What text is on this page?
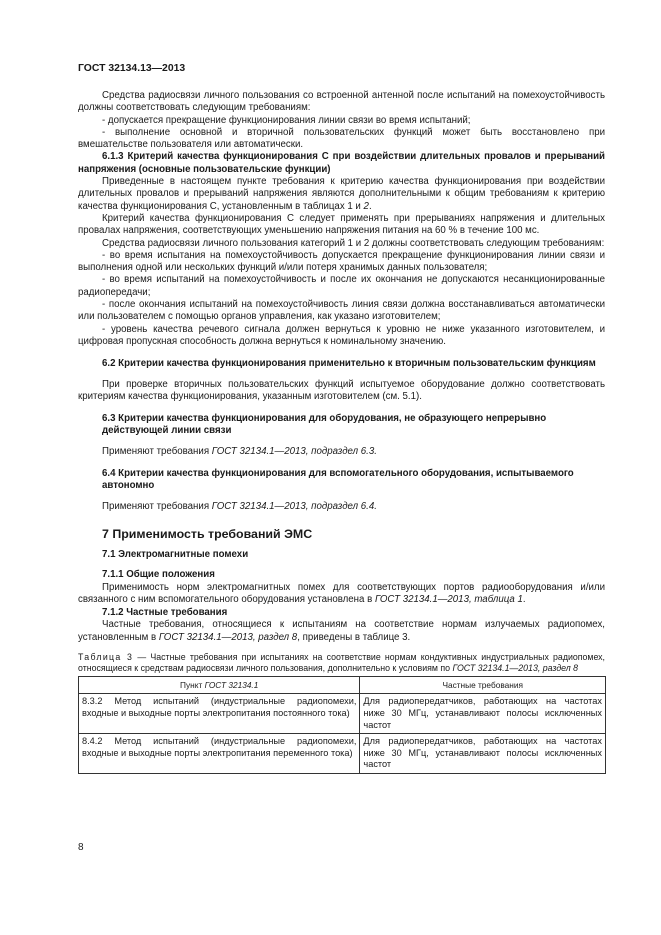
ГОСТ 32134.13—2013

Средства радиосвязи личного пользования со встроенной антенной после испытаний на помехоустойчивость должны соответствовать следующим требованиям:

- допускается прекращение функционирования линии связи во время испытаний;

- выполнение основной и вторичной пользовательских функций может быть восстановлено при вмешательстве пользователя или автоматически.

6.1.3 Критерий качества функционирования С при воздействии длительных провалов и прерываний напряжения (основные пользовательские функции)

Приведенные в настоящем пункте требования к критерию качества функционирования при воздействии длительных провалов и прерываний напряжения являются дополнительными к общим требованиям к критерию качества функционирования С, установленным в таблицах 1 и 2.

Критерий качества функционирования С следует применять при прерываниях напряжения и длительных провалах напряжения, соответствующих уменьшению напряжения питания на 60 % в течение 100 мс.

Средства радиосвязи личного пользования категорий 1 и 2 должны соответствовать следующим требованиям:

- во время испытания на помехоустойчивость допускается прекращение функционирования линии связи и выполнения одной или нескольких функций и/или потеря хранимых данных пользователя;

- во время испытаний на помехоустойчивость и после их окончания не допускаются несанкционированные радиопередачи;

- после окончания испытаний на помехоустойчивость линия связи должна восстанавливаться автоматически или пользователем с помощью органов управления, как указано изготовителем;

- уровень качества речевого сигнала должен вернуться к уровню не ниже указанного изготовителем, и цифровая пропускная способность должна вернуться к номинальному значению.

6.2 Критерии качества функционирования применительно к вторичным пользовательским функциям

При проверке вторичных пользовательских функций испытуемое оборудование должно соответствовать критериям качества функционирования, указанным изготовителем (см. 5.1).

6.3 Критерии качества функционирования для оборудования, не образующего непрерывно действующей линии связи

Применяют требования ГОСТ 32134.1—2013, подраздел 6.3.

6.4 Критерии качества функционирования для вспомогательного оборудования, испытываемого автономно

Применяют требования ГОСТ 32134.1—2013, подраздел 6.4.

7 Применимость требований ЭМС

7.1 Электромагнитные помехи

7.1.1 Общие положения

Применимость норм электромагнитных помех для соответствующих портов радиооборудования и/или связанного с ним вспомогательного оборудования установлена в ГОСТ 32134.1—2013, таблица 1.

7.1.2 Частные требования

Частные требования, относящиеся к испытаниям на соответствие нормам излучаемых радиопомех, установленным в ГОСТ 32134.1—2013, раздел 8, приведены в таблице 3.

Таблица 3 — Частные требования при испытаниях на соответствие нормам кондуктивных индустриальных радиопомех, относящиеся к средствам радиосвязи личного пользования, дополнительно к условиям по ГОСТ 32134.1—2013, раздел 8
Пункт ГОСТ 32134.1	Частные требования
8.3.2 Метод испытаний (индустриальные радиопомехи, входные и выходные порты электропитания постоянного тока)	Для радиопередатчиков, работающих на частотах ниже 30 МГц, устанавливают полосы исключенных частот
8.4.2 Метод испытаний (индустриальные радиопомехи, входные и выходные порты электропитания переменного тока)	Для радиопередатчиков, работающих на частотах ниже 30 МГц, устанавливают полосы исключенных частот
8
